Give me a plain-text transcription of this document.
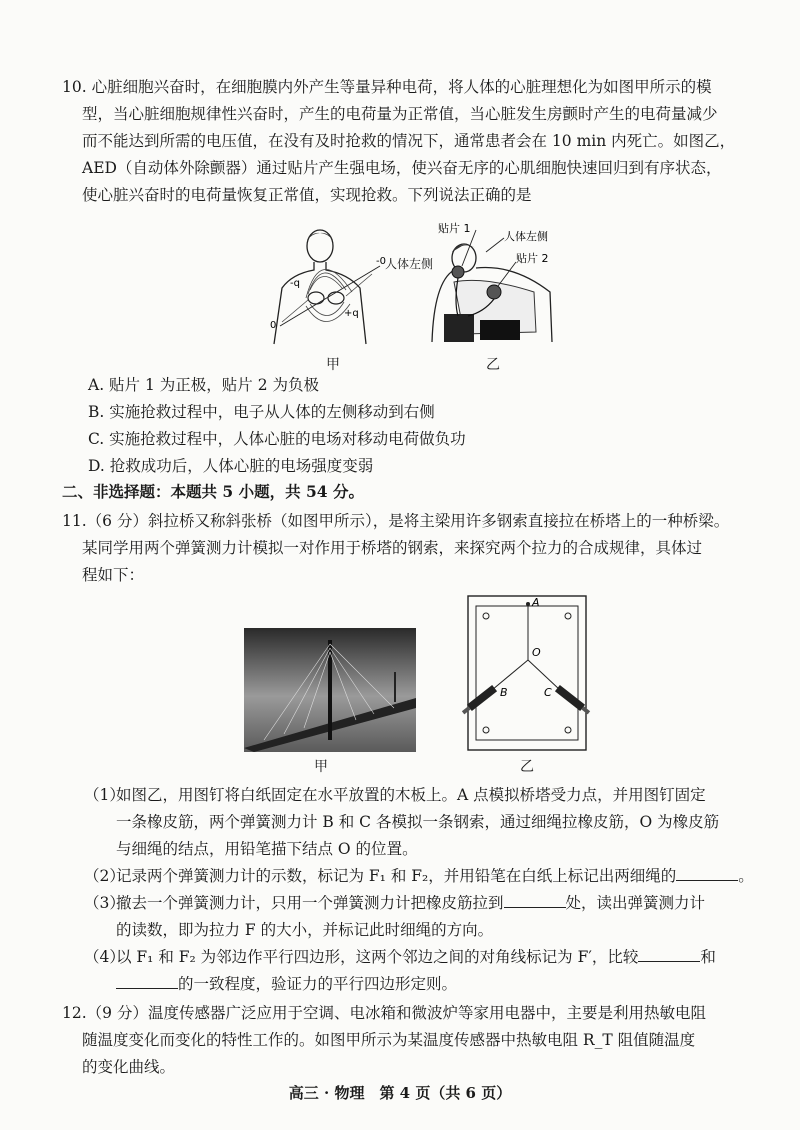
10. 心脏细胞兴奋时，在细胞膜内外产生等量异种电荷，将人体的心脏理想化为如图甲所示的模
型，当心脏细胞规律性兴奋时，产生的电荷量为正常值，当心脏发生房颤时产生的电荷量减少
而不能达到所需的电压值，在没有及时抢救的情况下，通常患者会在 10 min 内死亡。如图乙，
AED（自动体外除颤器）通过贴片产生强电场，使兴奋无序的心肌细胞快速回归到有序状态，
使心脏兴奋时的电荷量恢复正常值，实现抢救。下列说法正确的是
-0
-q
+q
0
人体左侧
甲
贴片 1
人体左侧
贴片 2
乙
A. 贴片 1 为正极，贴片 2 为负极
B. 实施抢救过程中，电子从人体的左侧移动到右侧
C. 实施抢救过程中，人体心脏的电场对移动电荷做负功
D. 抢救成功后，人体心脏的电场强度变弱
二、非选择题：本题共 5 小题，共 54 分。
11.（6 分）斜拉桥又称斜张桥（如图甲所示），是将主梁用许多钢索直接拉在桥塔上的一种桥梁。
某同学用两个弹簧测力计模拟一对作用于桥塔的钢索，来探究两个拉力的合成规律，具体过
程如下：
甲
A
O
B	C
乙
（1）
如图乙，用图钉将白纸固定在水平放置的木板上。A 点模拟桥塔受力点，并用图钉固定
一条橡皮筋，两个弹簧测力计 B 和 C 各模拟一条钢索，通过细绳拉橡皮筋，O 为橡皮筋
与细绳的结点，用铅笔描下结点 O 的位置。
（2）
记录两个弹簧测力计的示数，标记为 F₁ 和 F₂，并用铅笔在白纸上标记出两细绳的	。
（3）
撤去一个弹簧测力计，只用一个弹簧测力计把橡皮筋拉到	处，读出弹簧测力计
的读数，即为拉力 F 的大小，并标记此时细绳的方向。
（4）
以 F₁ 和 F₂ 为邻边作平行四边形，这两个邻边之间的对角线标记为 F′，比较	和
的一致程度，验证力的平行四边形定则。
12.（9 分）温度传感器广泛应用于空调、电冰箱和微波炉等家用电器中，主要是利用热敏电阻
随温度变化而变化的特性工作的。如图甲所示为某温度传感器中热敏电阻 R_T 阻值随温度
的变化曲线。
高三 · 物理　第 4 页（共 6 页）
